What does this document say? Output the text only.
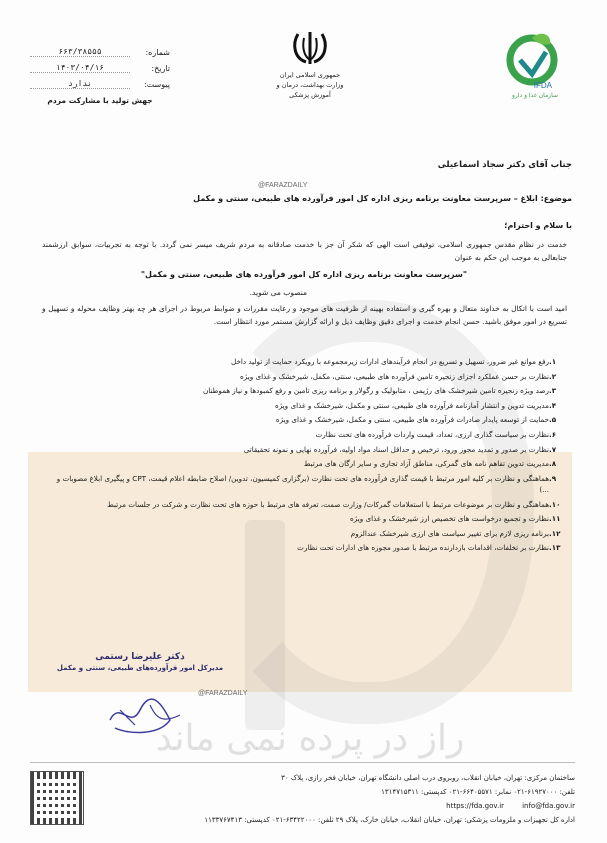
راز در پرده نمی ماند
IFDA
سازمان غذا و دارو
جمهوری اسلامی ایران
وزارت بهداشت، درمان و آموزش پزشکی
شماره:
۶۶۳/۳۸۵۵۵
تاریخ:
۱۴۰۳/۰۴/۱۶
پیوست:
ندارد
جهش تولید با مشارکت مردم
جناب آقای دکتر سجاد اسماعیلی
@FARAZDAILY
موضوع: ابلاغ – سرپرست معاونت برنامه ریزی اداره کل امور فرآورده های طبیعی، سنتی و مکمل
با سلام و احترام؛
خدمت در نظام مقدس جمهوری اسلامی، توفیقی است الهی که شکر آن جز با خدمت صادقانه به مردم شریف میسر نمی گردد. با توجه به تجربیات، سوابق ارزشمند جنابعالی به موجب این حکم به عنوان
"سرپرست معاونت برنامه ریزی اداره کل امور فرآورده های طبیعی، سنتی و مکمل"
منصوب می شوید.
امید است با اتکال به خداوند متعال و بهره گیری و استفاده بهینه از ظرفیت های موجود و رعایت مقررات و ضوابط مربوط در اجرای هر چه بهتر وظایف محوله و تسهیل و تسریع در امور موفق باشید. حسن انجام خدمت و اجرای دقیق وظایف ذیل و ارائه گزارش مستمر مورد انتظار است.
۱.
رفع موانع غیر ضرور، تسهیل و تسریع در انجام فرآیندهای ادارات زیرمجموعه با رویکرد حمایت از تولید داخل
۲.
نظارت بر حسن عملکرد اجزای زنجیره تامین فرآورده های طبیعی، سنتی، مکمل، شیرخشک و غذای ویژه
۳.
رصد ویژه زنجیره تامین شیرخشک های رژیمی ، متابولیک و رگولار و برنامه ریزی تامین و رفع کمبودها و نیاز هموطنان
۴.
مدیریت تدوین و انتشار آمارنامه فرآورده های طبیعی، سنتی و مکمل، شیرخشک و غذای ویژه
۵.
حمایت از توسعه پایدار صادرات فرآورده های طبیعی، سنتی و مکمل، شیرخشک و غذای ویژه
۶.
نظارت بر سیاست گذاری ارزی، تعداد، قیمت واردات فرآورده های تحت نظارت
۷.
نظارت بر صدور و تمدید مجوز ورود، ترخیص و حداقل اسناد مواد اولیه، فرآورده نهایی و نمونه تحقیقاتی
۸.
مدیریت تدوین تفاهم نامه های گمرکی، مناطق آزاد تجاری و سایر ارگان های مرتبط
۹.
هماهنگی و نظارت بر کلیه امور مرتبط با قیمت گذاری فرآورده های تحت نظارت (برگزاری کمیسیون، تدوین/ اصلاح ضابطه اعلام قیمت، CPT و پیگیری ابلاغ مصوبات و ...)
۱۰.
هماهنگی و نظارت بر موضوعات مرتبط با استعلامات گمرکات/ وزارت صمت، تعرفه های مرتبط با حوزه های تحت نظارت و شرکت در جلسات مرتبط
۱۱.
نظارت و تجمیع درخواست های تخصیص ارز شیرخشک و غذای ویژه
۱۲.
برنامه ریزی لازم برای تغییر سیاست های ارزی شیرخشک عندالزوم
۱۳.
نظارت بر تخلفات، اقدامات بازدارنده مرتبط با صدور مجوزه های ادارات تحت نظارت
دکتر علیرضا رستمی
مدیرکل امور فرآورده‌های طبیعی، سنتی و مکمل
@FARAZDAILY
ساختمان مرکزی: تهران، خیابان انقلاب، روبروی درب اصلی دانشگاه تهران، خیابان فخر رازی، پلاک ۳۰
تلفن: ۶۱۹۲۷۰۰۰-۰۲۱ نمابر: ۶۶۴۰۵۵۷۱-۰۲۱ کدپستی: ۱۳۱۴۷۱۵۳۱۱
info@fda.gov.ir
https://fda.gov.ir
اداره کل تجهیزات و ملزومات پزشکی: تهران، خیابان انقلاب، خیابان خارک، پلاک ۲۹ تلفن: ۶۳۴۲۲۰۰۰-۰۲۱ کدپستی: ۱۱۳۳۷۶۷۴۱۳
